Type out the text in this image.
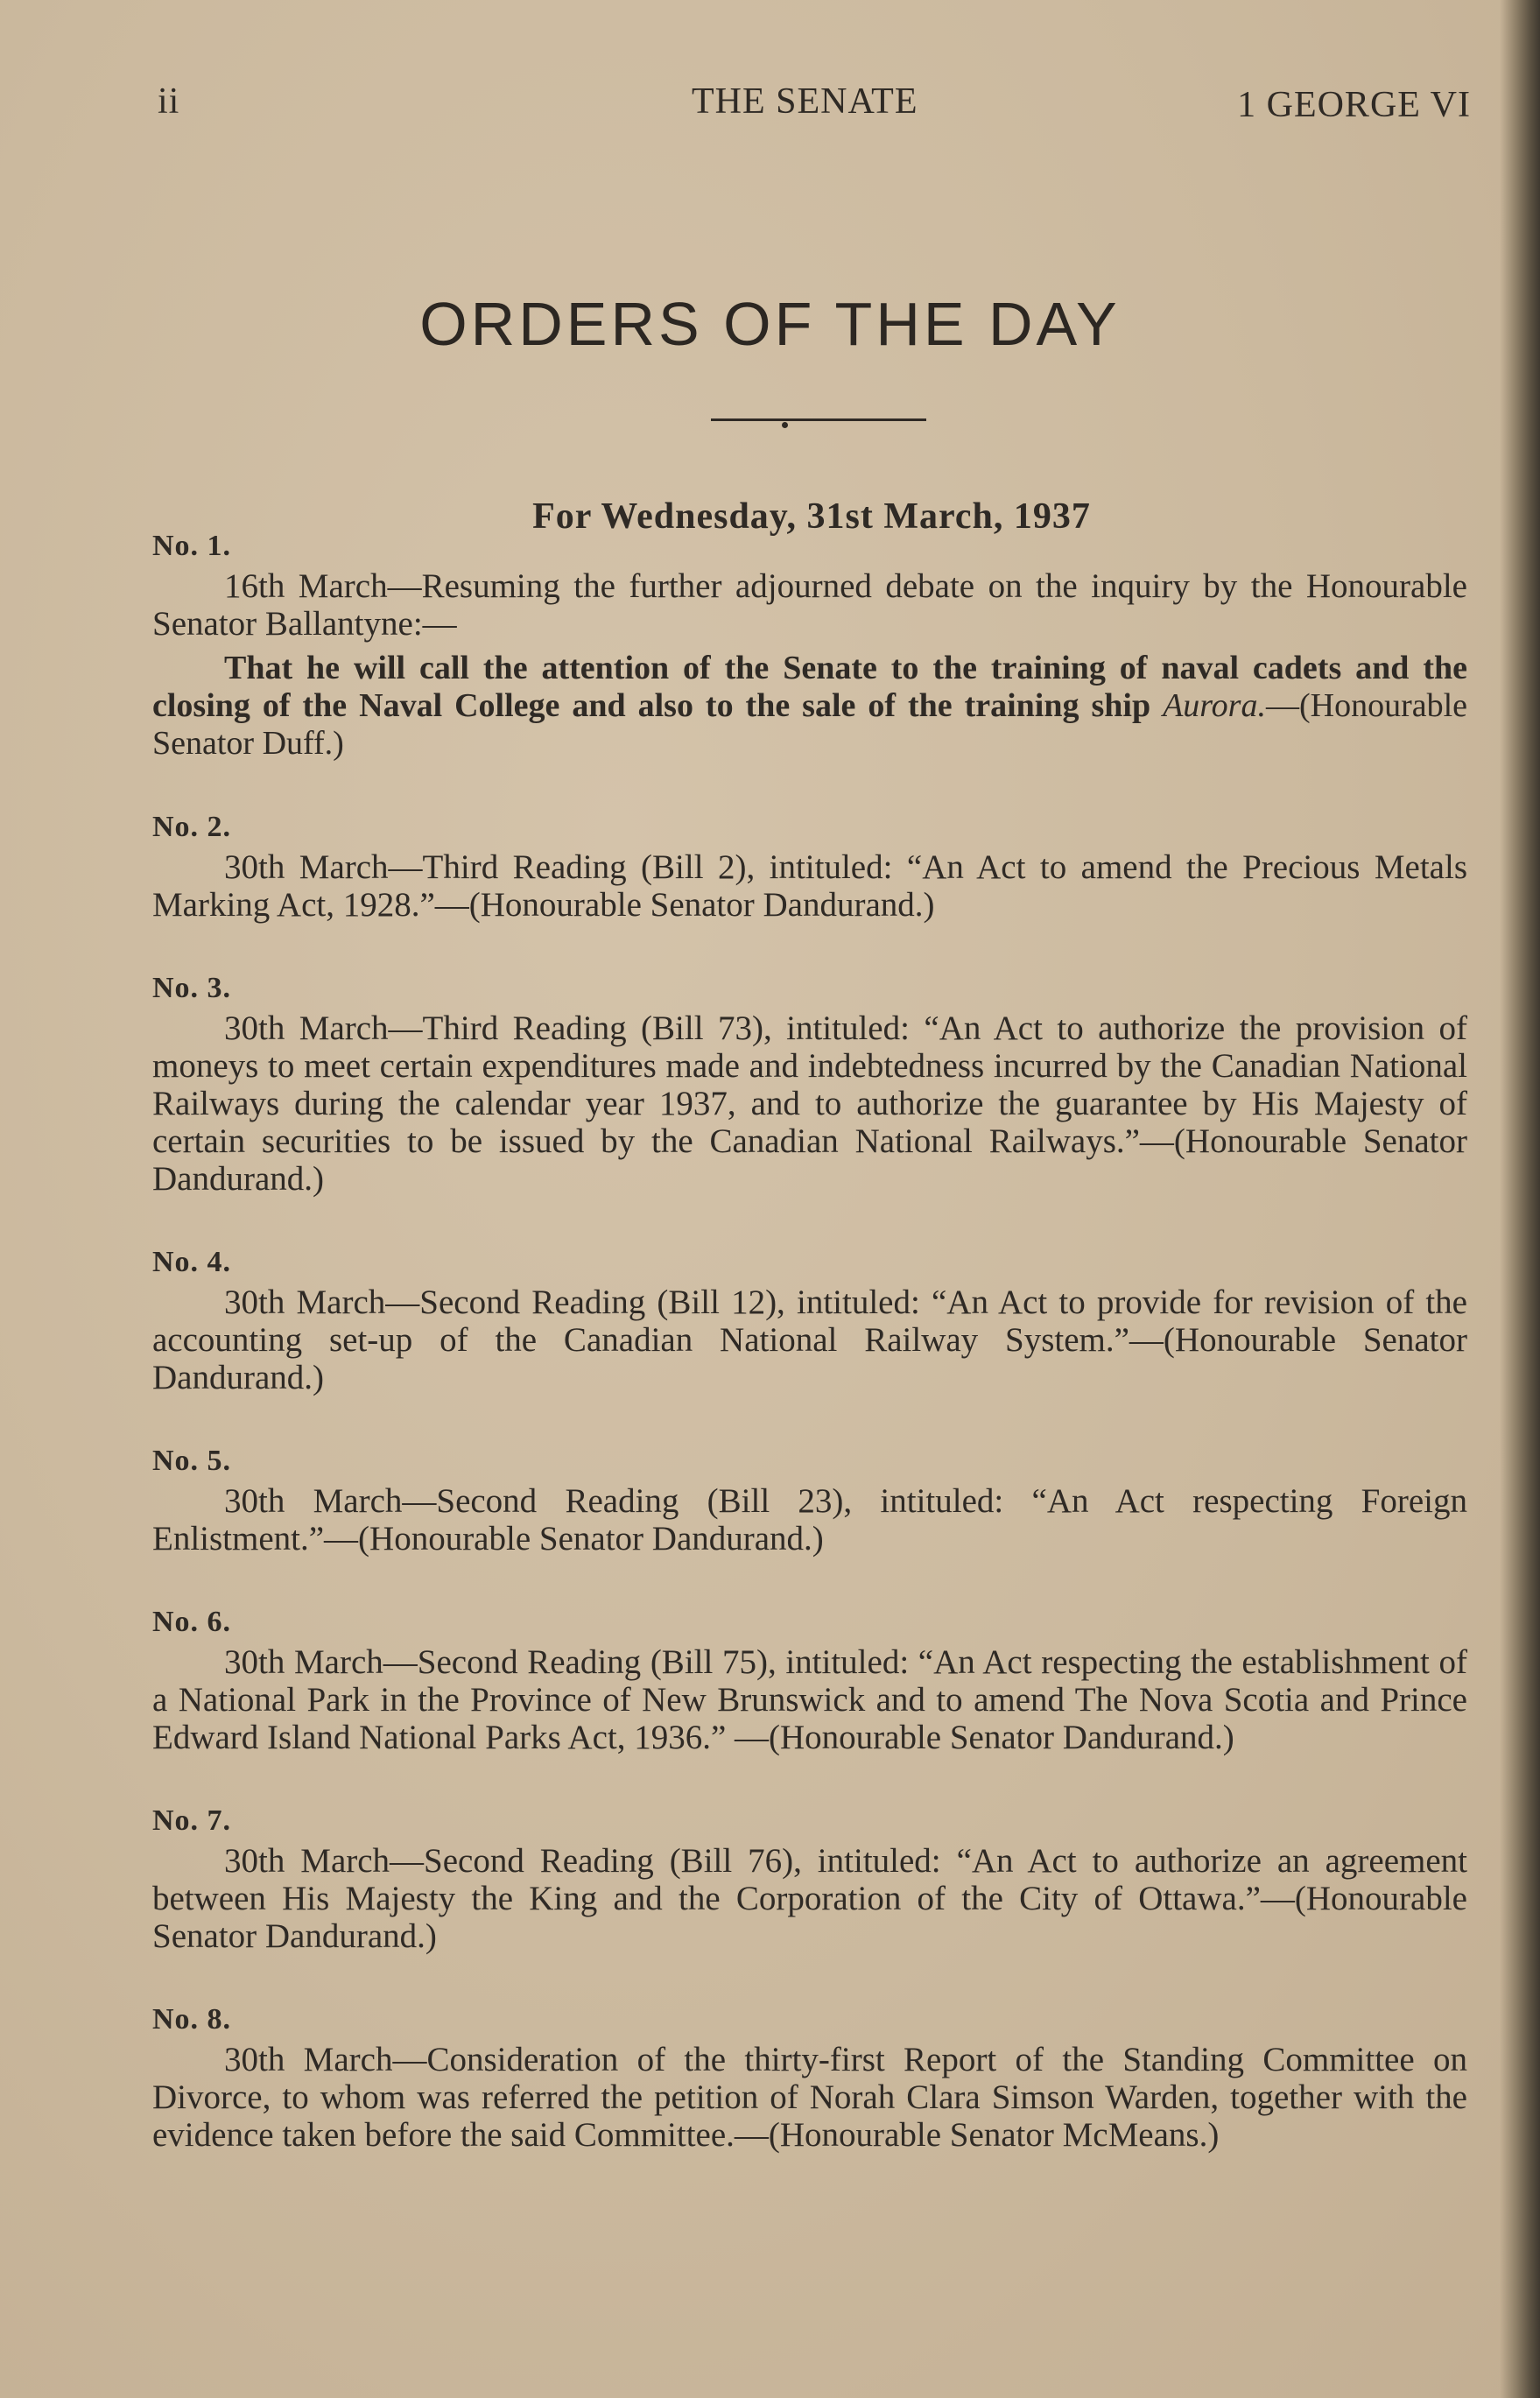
ii	THE SENATE	1 GEORGE VI
ORDERS OF THE DAY
For Wednesday, 31st March, 1937
No. 1.

16th March—Resuming the further adjourned debate on the inquiry by the Honourable Senator Ballantyne:—

That he will call the attention of the Senate to the training of naval cadets and the closing of the Naval College and also to the sale of the training ship Aurora.—(Honourable Senator Duff.)

No. 2.

30th March—Third Reading (Bill 2), intituled: “An Act to amend the Precious Metals Marking Act, 1928.”—(Honourable Senator Dandurand.)

No. 3.

30th March—Third Reading (Bill 73), intituled: “An Act to authorize the provision of moneys to meet certain expenditures made and indebtedness incurred by the Canadian National Railways during the calendar year 1937, and to authorize the guarantee by His Majesty of certain securities to be issued by the Canadian National Railways.”—(Honourable Senator Dandurand.)

No. 4.

30th March—Second Reading (Bill 12), intituled: “An Act to provide for revision of the accounting set-up of the Canadian National Railway System.”—(Honourable Senator Dandurand.)

No. 5.

30th March—Second Reading (Bill 23), intituled: “An Act respecting Foreign Enlistment.”—(Honourable Senator Dandurand.)

No. 6.

30th March—Second Reading (Bill 75), intituled: “An Act respecting the establishment of a National Park in the Province of New Brunswick and to amend The Nova Scotia and Prince Edward Island National Parks Act, 1936.” —(Honourable Senator Dandurand.)

No. 7.

30th March—Second Reading (Bill 76), intituled: “An Act to authorize an agreement between His Majesty the King and the Corporation of the City of Ottawa.”—(Honourable Senator Dandurand.)

No. 8.

30th March—Consideration of the thirty-first Report of the Standing Committee on Divorce, to whom was referred the petition of Norah Clara Simson Warden, together with the evidence taken before the said Committee.—(Honourable Senator McMeans.)
